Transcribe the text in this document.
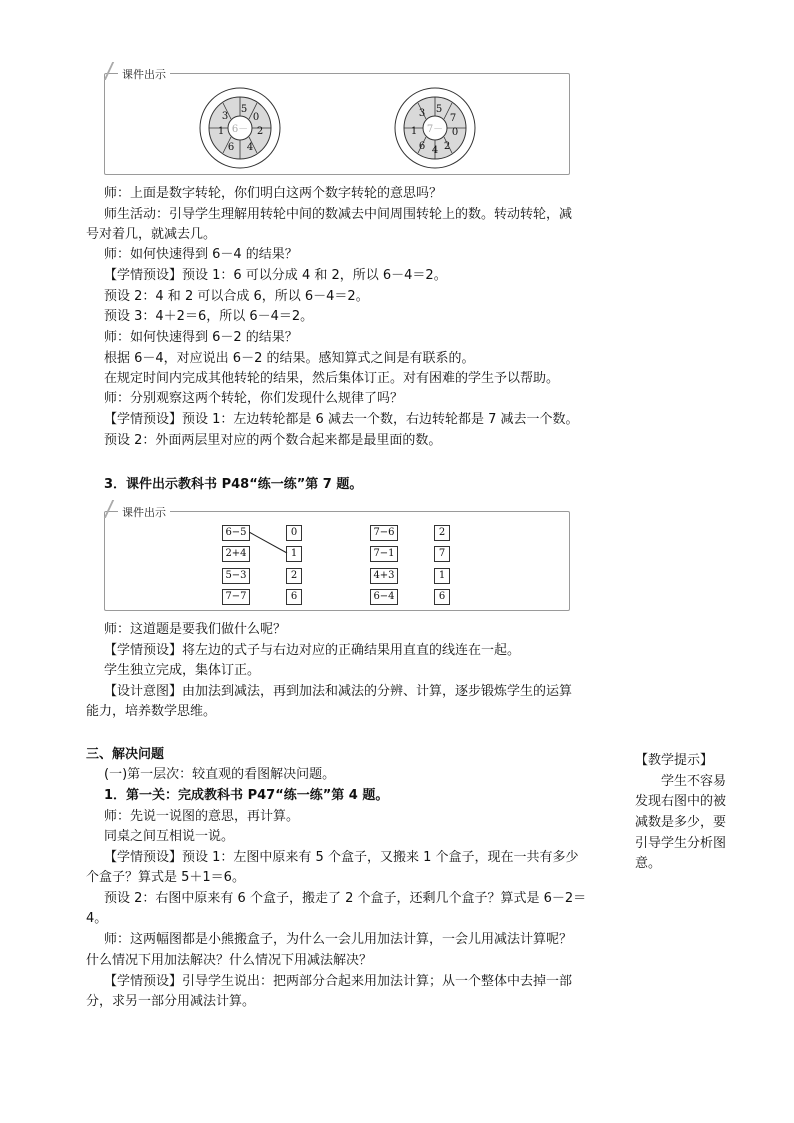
课件出示
5
0
2
4
6
1
3
6－
5
7
0
2
4
6
1
3
7－
师：上面是数字转轮，你们明白这两个数字转轮的意思吗？
师生活动：引导学生理解用转轮中间的数减去中间周围转轮上的数。转动转轮，减
号对着几，就减去几。
师：如何快速得到 6－4 的结果？
【学情预设】预设 1：6 可以分成 4 和 2，所以 6－4＝2。
预设 2：4 和 2 可以合成 6，所以 6－4＝2。
预设 3：4＋2＝6，所以 6－4＝2。
师：如何快速得到 6－2 的结果？
根据 6－4，对应说出 6－2 的结果。感知算式之间是有联系的。
在规定时间内完成其他转轮的结果，然后集体订正。对有困难的学生予以帮助。
师：分别观察这两个转轮，你们发现什么规律了吗？
【学情预设】预设 1：左边转轮都是 6 减去一个数，右边转轮都是 7 减去一个数。
预设 2：外面两层里对应的两个数合起来都是最里面的数。
3．课件出示教科书 P48“练一练”第 7 题。
课件出示
6−5
2+4
5−3
7−7
0
1
2
6
7−6
7−1
4+3
6−4
2
7
1
6
师：这道题是要我们做什么呢？
【学情预设】将左边的式子与右边对应的正确结果用直直的线连在一起。
学生独立完成，集体订正。
【设计意图】由加法到减法，再到加法和减法的分辨、计算，逐步锻炼学生的运算
能力，培养数学思维。
三、解决问题
(一)第一层次：较直观的看图解决问题。
1．第一关：完成教科书 P47“练一练”第 4 题。
师：先说一说图的意思，再计算。
同桌之间互相说一说。
【学情预设】预设 1：左图中原来有 5 个盒子，又搬来 1 个盒子，现在一共有多少
个盒子？算式是 5＋1＝6。
预设 2：右图中原来有 6 个盒子，搬走了 2 个盒子，还剩几个盒子？算式是 6－2＝
4。
师：这两幅图都是小熊搬盒子，为什么一会儿用加法计算，一会儿用减法计算呢？
什么情况下用加法解决？什么情况下用减法解决？
【学情预设】引导学生说出：把两部分合起来用加法计算；从一个整体中去掉一部
分，求另一部分用减法计算。
【教学提示】
学生不容易
发现右图中的被
减数是多少，要
引导学生分析图
意。
